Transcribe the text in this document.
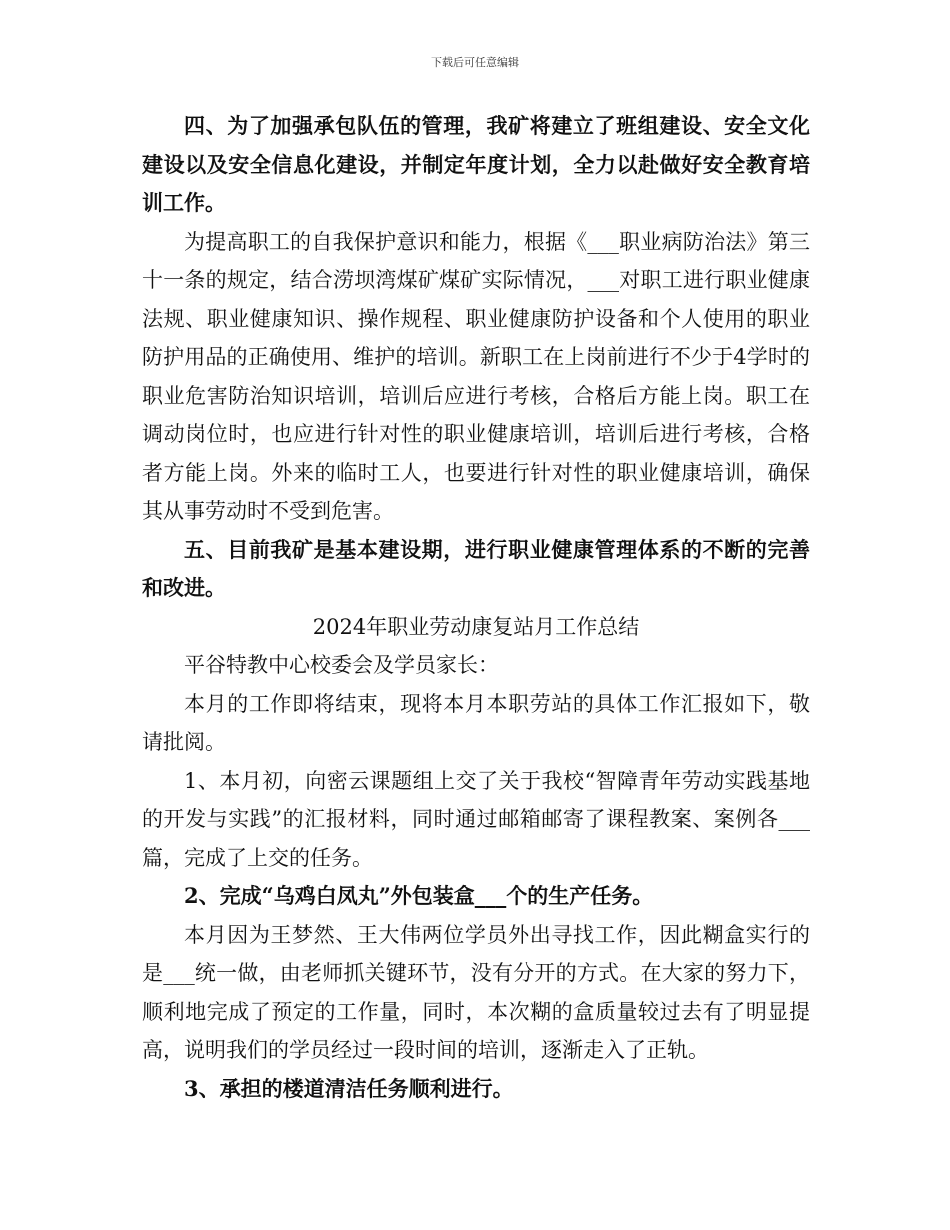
下载后可任意编辑

四、为了加强承包队伍的管理，我矿将建立了班组建设、安全文化建设以及安全信息化建设，并制定年度计划，全力以赴做好安全教育培训工作。

为提高职工的自我保护意识和能力，根据《___职业病防治法》第三十一条的规定，结合涝坝湾煤矿煤矿实际情况，___对职工进行职业健康法规、职业健康知识、操作规程、职业健康防护设备和个人使用的职业防护用品的正确使用、维护的培训。新职工在上岗前进行不少于4学时的职业危害防治知识培训，培训后应进行考核，合格后方能上岗。职工在调动岗位时，也应进行针对性的职业健康培训，培训后进行考核，合格者方能上岗。外来的临时工人，也要进行针对性的职业健康培训，确保其从事劳动时不受到危害。

五、目前我矿是基本建设期，进行职业健康管理体系的不断的完善和改进。

2024年职业劳动康复站月工作总结

平谷特教中心校委会及学员家长：

本月的工作即将结束，现将本月本职劳站的具体工作汇报如下，敬请批阅。

1、本月初，向密云课题组上交了关于我校“智障青年劳动实践基地的开发与实践”的汇报材料，同时通过邮箱邮寄了课程教案、案例各___篇，完成了上交的任务。

2、完成“乌鸡白凤丸”外包装盒___个的生产任务。

本月因为王梦然、王大伟两位学员外出寻找工作，因此糊盒实行的是___统一做，由老师抓关键环节，没有分开的方式。在大家的努力下，顺利地完成了预定的工作量，同时，本次糊的盒质量较过去有了明显提高，说明我们的学员经过一段时间的培训，逐渐走入了正轨。

3、承担的楼道清洁任务顺利进行。
